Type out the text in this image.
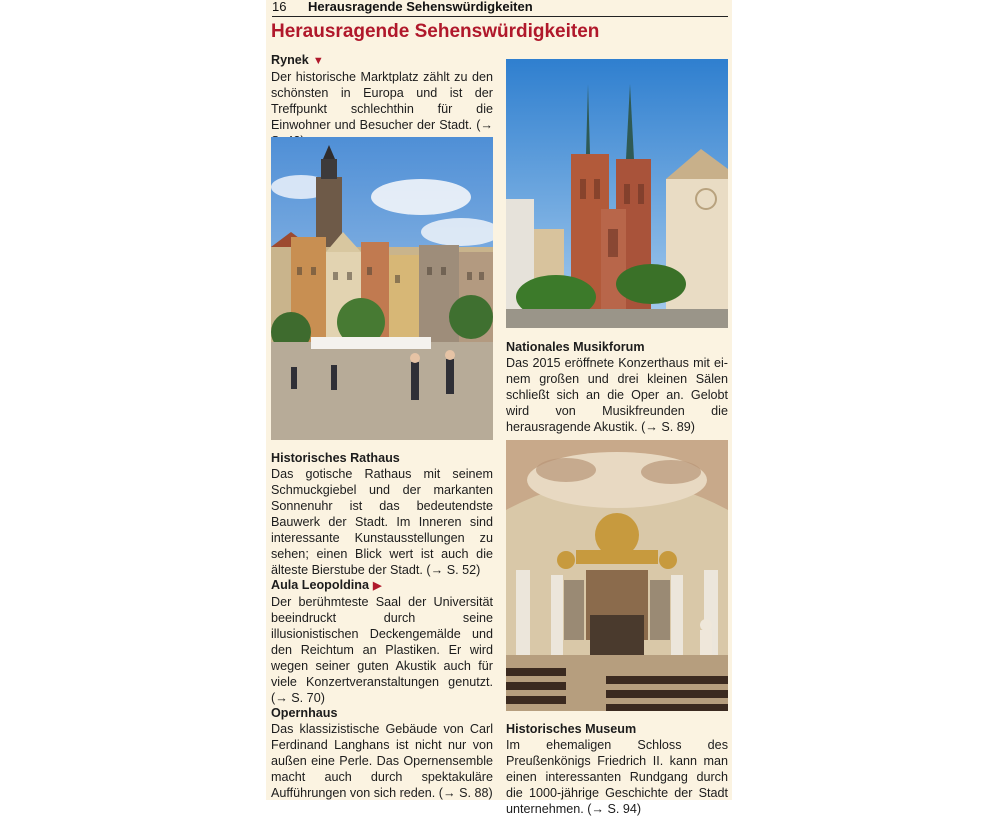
16 Herausragende Sehenswürdigkeiten
Herausragende Sehenswürdigkeiten
Rynek ▼

Der historische Marktplatz zählt zu den schönsten in Europa und ist der Treffpunkt schlechthin für die Einwohner und Besucher der Stadt. (→

Historisches Rathaus

Das gotische Rathaus mit seinem Schmuckgiebel und der markanten Sonnenuhr ist das bedeutendste Bauwerk der Stadt. Im Inneren sind interessante Kunstausstellungen zu sehen; einen Blick wert ist auch die älteste Bierstube der Stadt. (→ S. 52)

Aula Leopoldina ▶

Der berühmteste Saal der Universität beeindruckt durch seine illusionistischen Deckengemälde und den Reichtum an Plastiken. Er wird wegen seiner guten Akustik auch für viele Konzertveranstaltungen genutzt. (→ S. 70)

Opernhaus

Das klassizistische Gebäude von Carl Ferdinand Langhans ist nicht nur von außen eine Perle. Das Opernensemble macht auch durch spektakuläre Aufführungen von sich reden. (→ S. 88)

Nationales Musikforum

Das 2015 eröffnete Konzerthaus mit einem großen und drei kleinen Sälen schließt sich an die Oper an. Gelobt wird von Musikfreunden die herausragende Akustik. (→ S. 89)

Historisches Museum

Im ehemaligen Schloss des Preußenkönigs Friedrich II. kann man einen interessanten Rundgang durch die 1000-jährige Geschichte der Stadt unternehmen. (→ S. 94)
